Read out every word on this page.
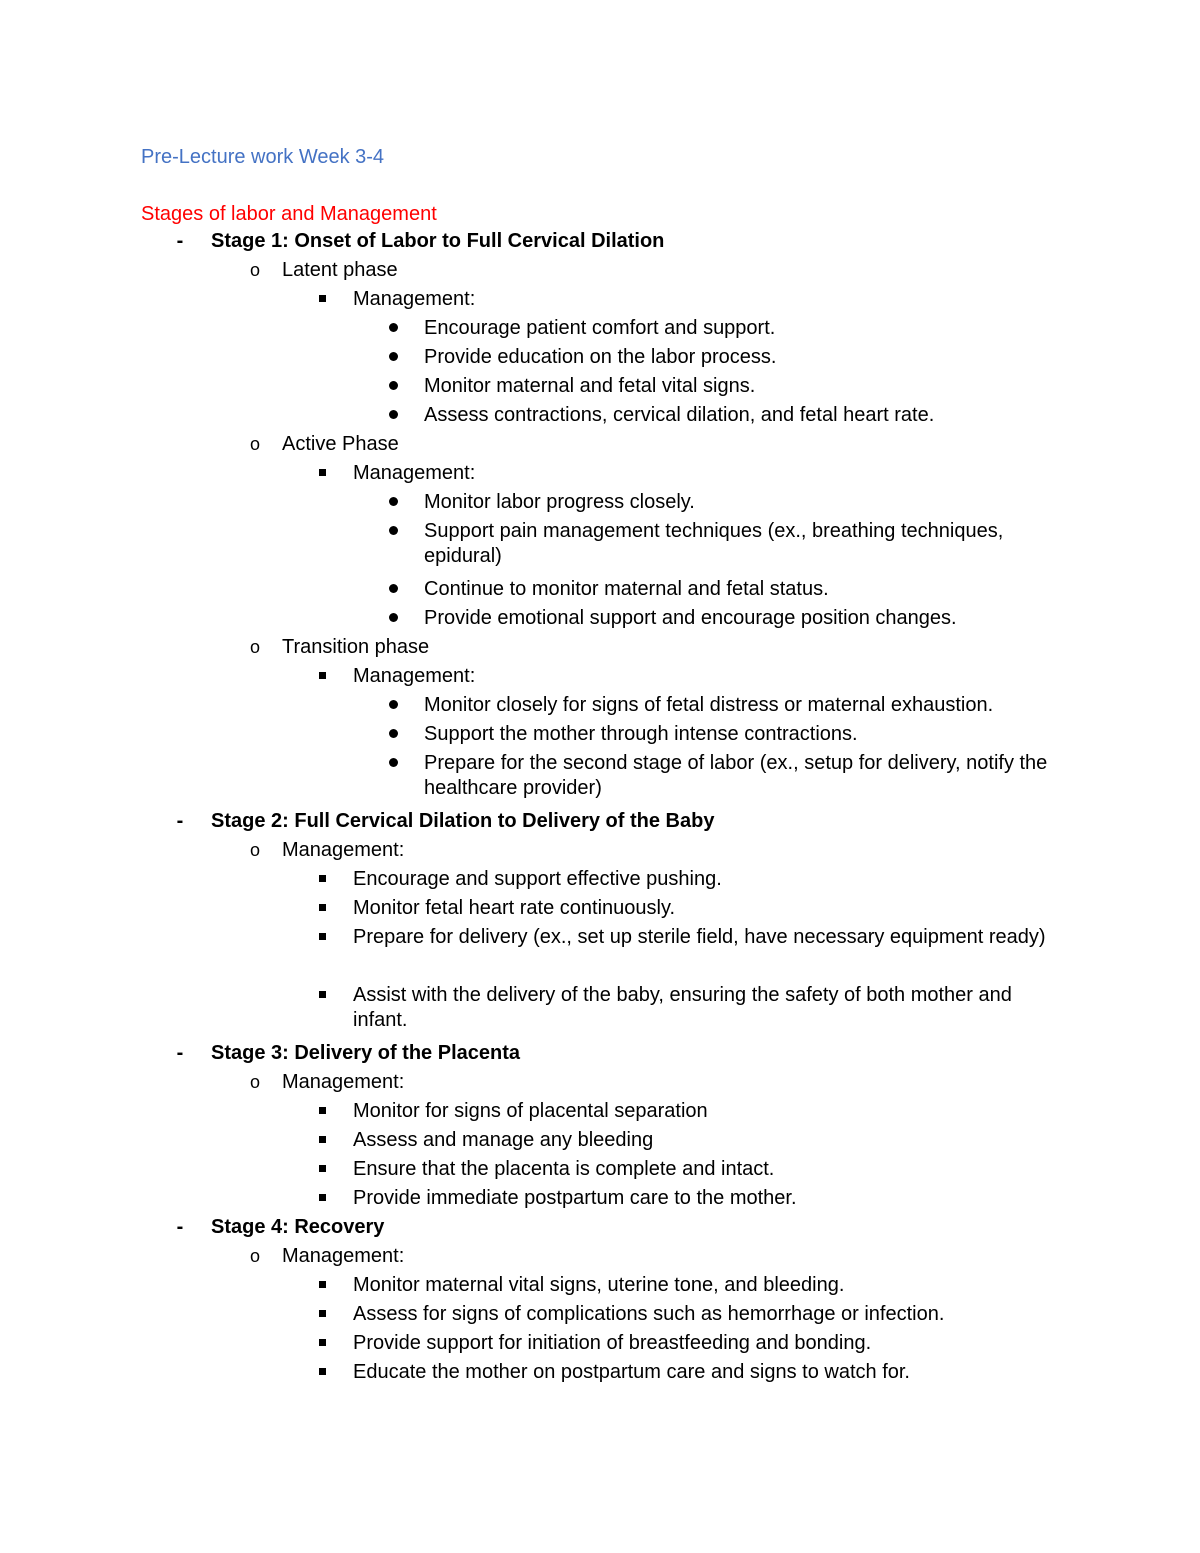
Pre-Lecture work Week 3-4
Stages of labor and Management
-	Stage 1: Onset of Labor to Full Cervical Dilation
o	Latent phase
Management:
Encourage patient comfort and support.
Provide education on the labor process.
Monitor maternal and fetal vital signs.
Assess contractions, cervical dilation, and fetal heart rate.
o	Active Phase
Management:
Monitor labor progress closely.
Support pain management techniques (ex., breathing techniques, epidural)
Continue to monitor maternal and fetal status.
Provide emotional support and encourage position changes.
o	Transition phase
Management:
Monitor closely for signs of fetal distress or maternal exhaustion.
Support the mother through intense contractions.
Prepare for the second stage of labor (ex., setup for delivery, notify the healthcare provider)
-	Stage 2: Full Cervical Dilation to Delivery of the Baby
o	Management:
Encourage and support effective pushing.
Monitor fetal heart rate continuously.
Prepare for delivery (ex., set up sterile field, have necessary equipment ready)
Assist with the delivery of the baby, ensuring the safety of both mother and infant.
-	Stage 3: Delivery of the Placenta
o	Management:
Monitor for signs of placental separation
Assess and manage any bleeding
Ensure that the placenta is complete and intact.
Provide immediate postpartum care to the mother.
-	Stage 4: Recovery
o	Management:
Monitor maternal vital signs, uterine tone, and bleeding.
Assess for signs of complications such as hemorrhage or infection.
Provide support for initiation of breastfeeding and bonding.
Educate the mother on postpartum care and signs to watch for.
